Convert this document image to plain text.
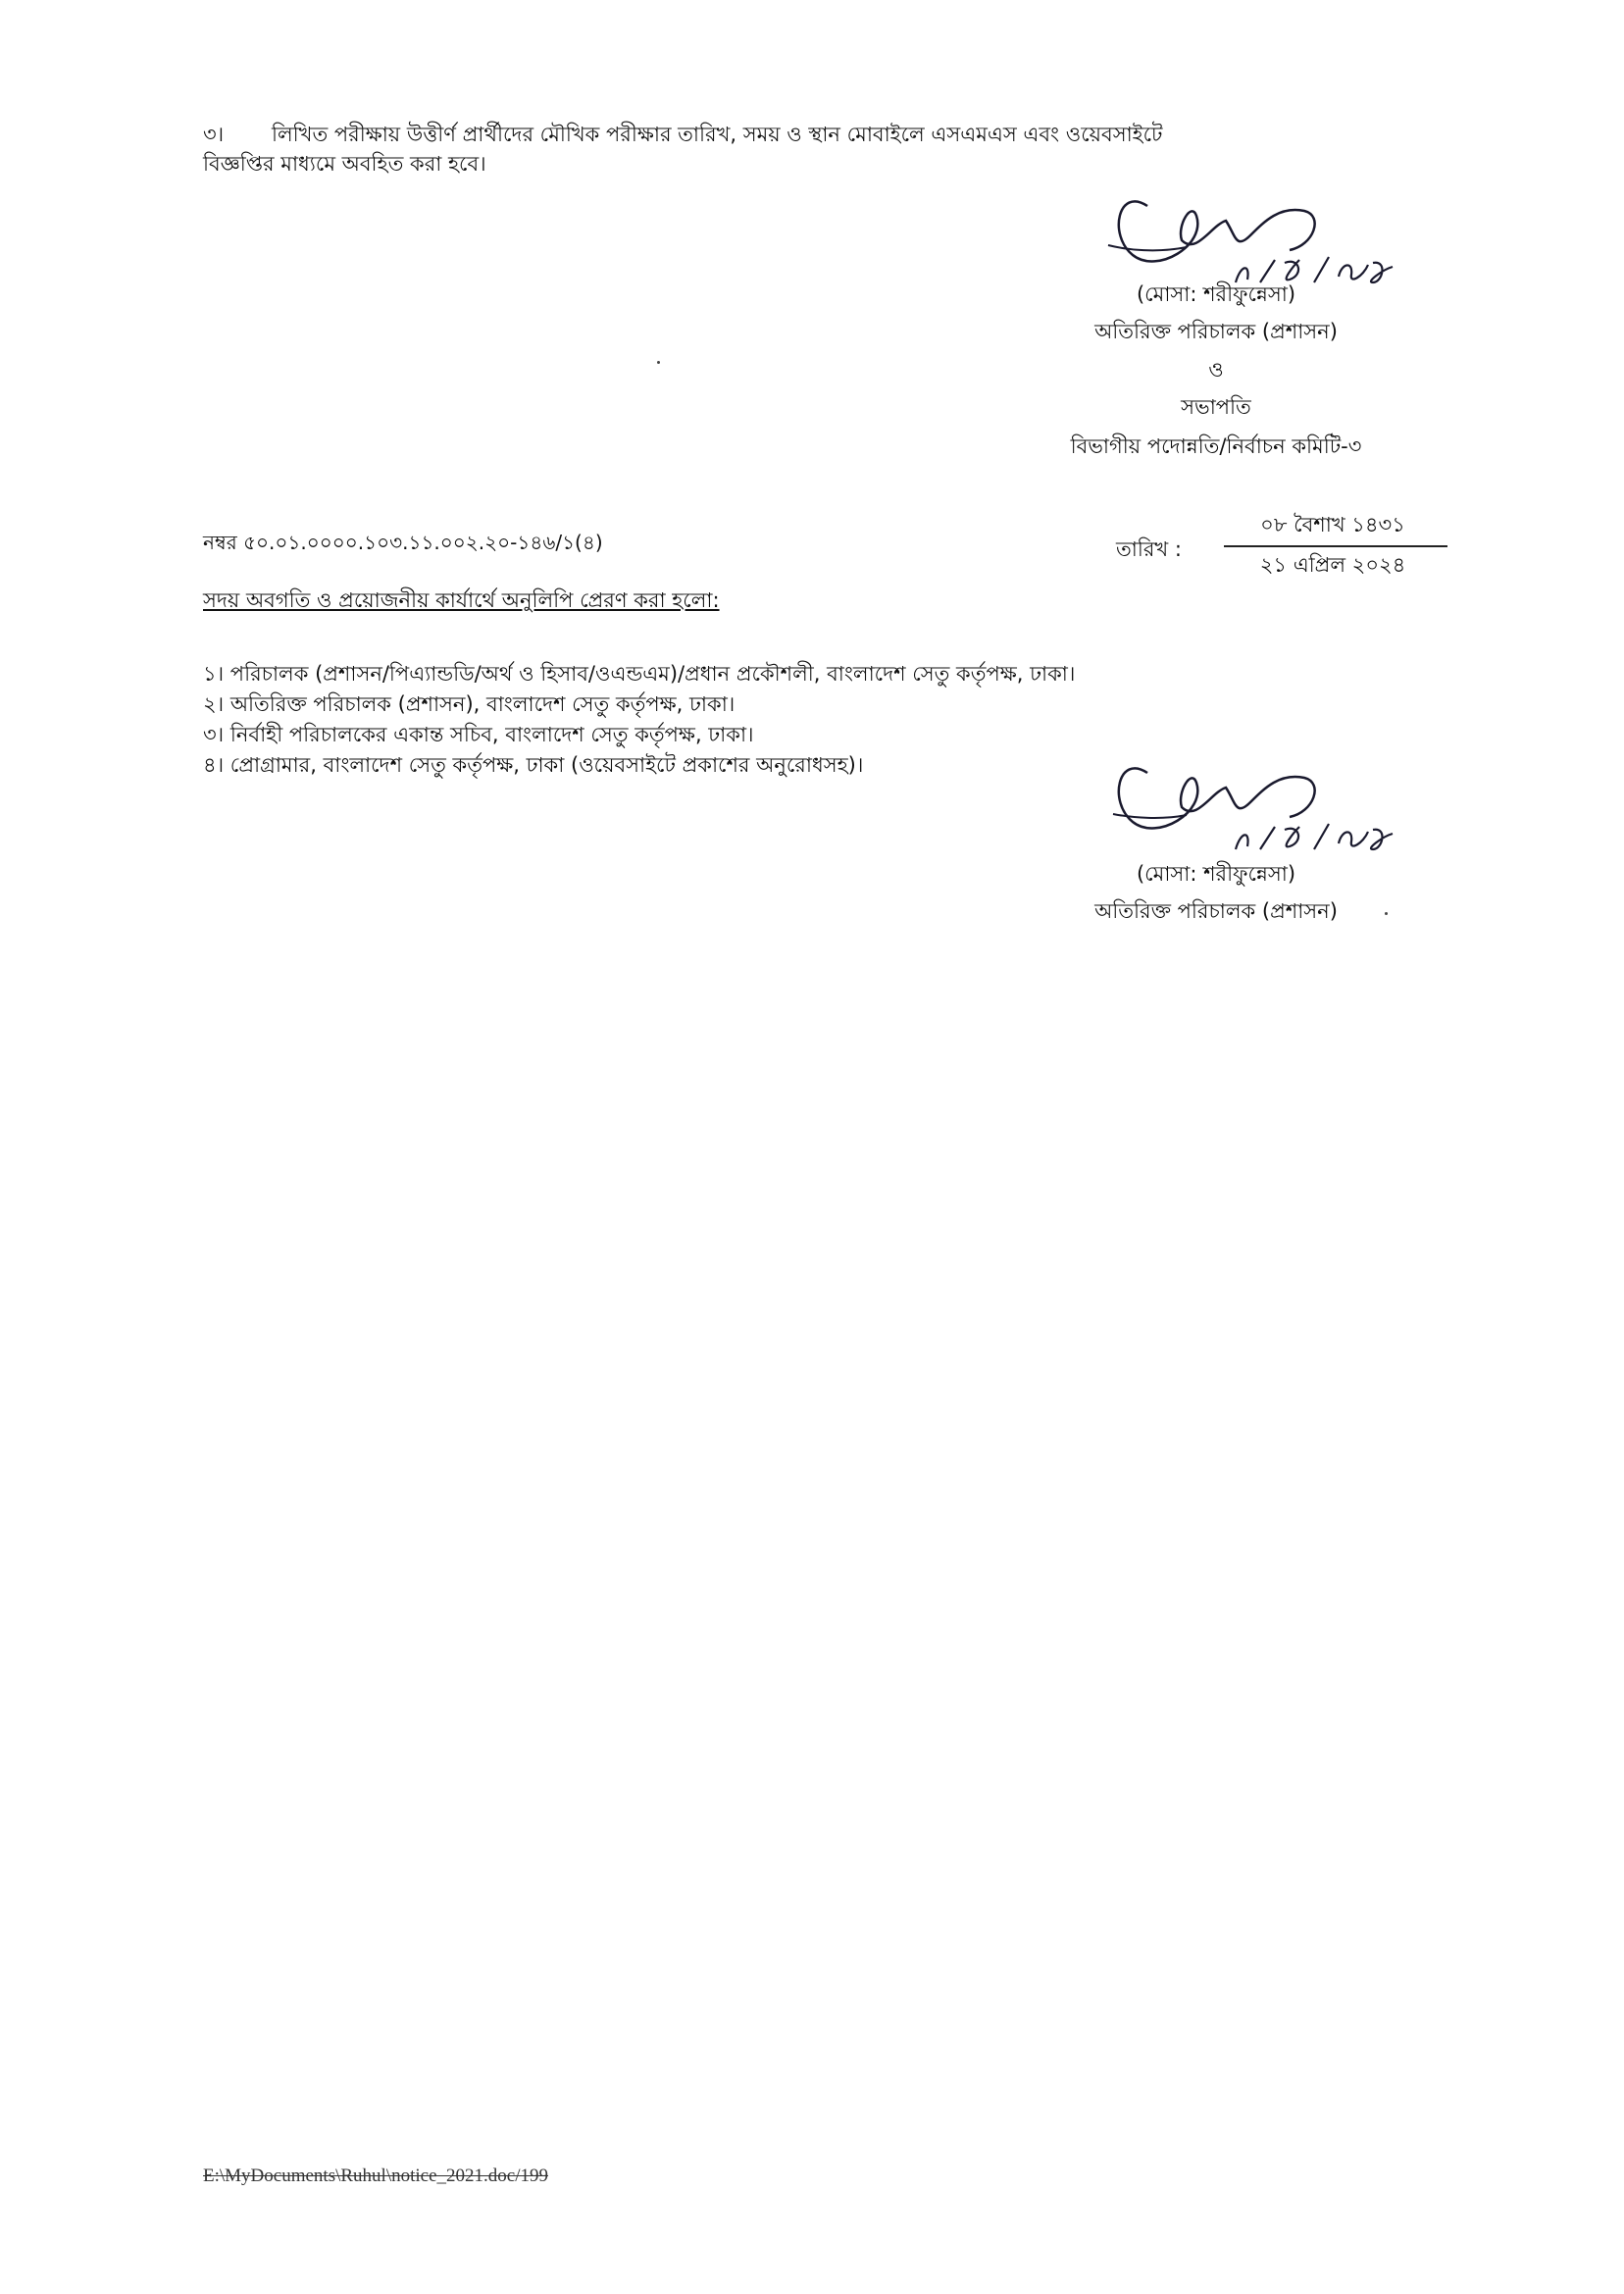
৩। লিখিত পরীক্ষায় উত্তীর্ণ প্রার্থীদের মৌখিক পরীক্ষার তারিখ, সময় ও স্থান মোবাইলে এসএমএস এবং ওয়েবসাইটে
বিজ্ঞপ্তির মাধ্যমে অবহিত করা হবে।
(মোসা: শরীফুন্নেসা)
অতিরিক্ত পরিচালক (প্রশাসন)
ও
সভাপতি
বিভাগীয় পদোন্নতি/নির্বাচন কমিটি-৩
নম্বর ৫০.০১.০০০০.১০৩.১১.০০২.২০-১৪৬/১(৪)	তারিখ :
০৮ বৈশাখ ১৪৩১
২১ এপ্রিল ২০২৪
সদয় অবগতি ও প্রয়োজনীয় কার্যার্থে অনুলিপি প্রেরণ করা হলো:
১। পরিচালক (প্রশাসন/পিএ্যান্ডডি/অর্থ ও হিসাব/ওএন্ডএম)/প্রধান প্রকৌশলী, বাংলাদেশ সেতু কর্তৃপক্ষ, ঢাকা।
২। অতিরিক্ত পরিচালক (প্রশাসন), বাংলাদেশ সেতু কর্তৃপক্ষ, ঢাকা।
৩। নির্বাহী পরিচালকের একান্ত সচিব, বাংলাদেশ সেতু কর্তৃপক্ষ, ঢাকা।
৪। প্রোগ্রামার, বাংলাদেশ সেতু কর্তৃপক্ষ, ঢাকা (ওয়েবসাইটে প্রকাশের অনুরোধসহ)।
(মোসা: শরীফুন্নেসা)
অতিরিক্ত পরিচালক (প্রশাসন)
E:\MyDocuments\Ruhul\notice_2021.doc/199
